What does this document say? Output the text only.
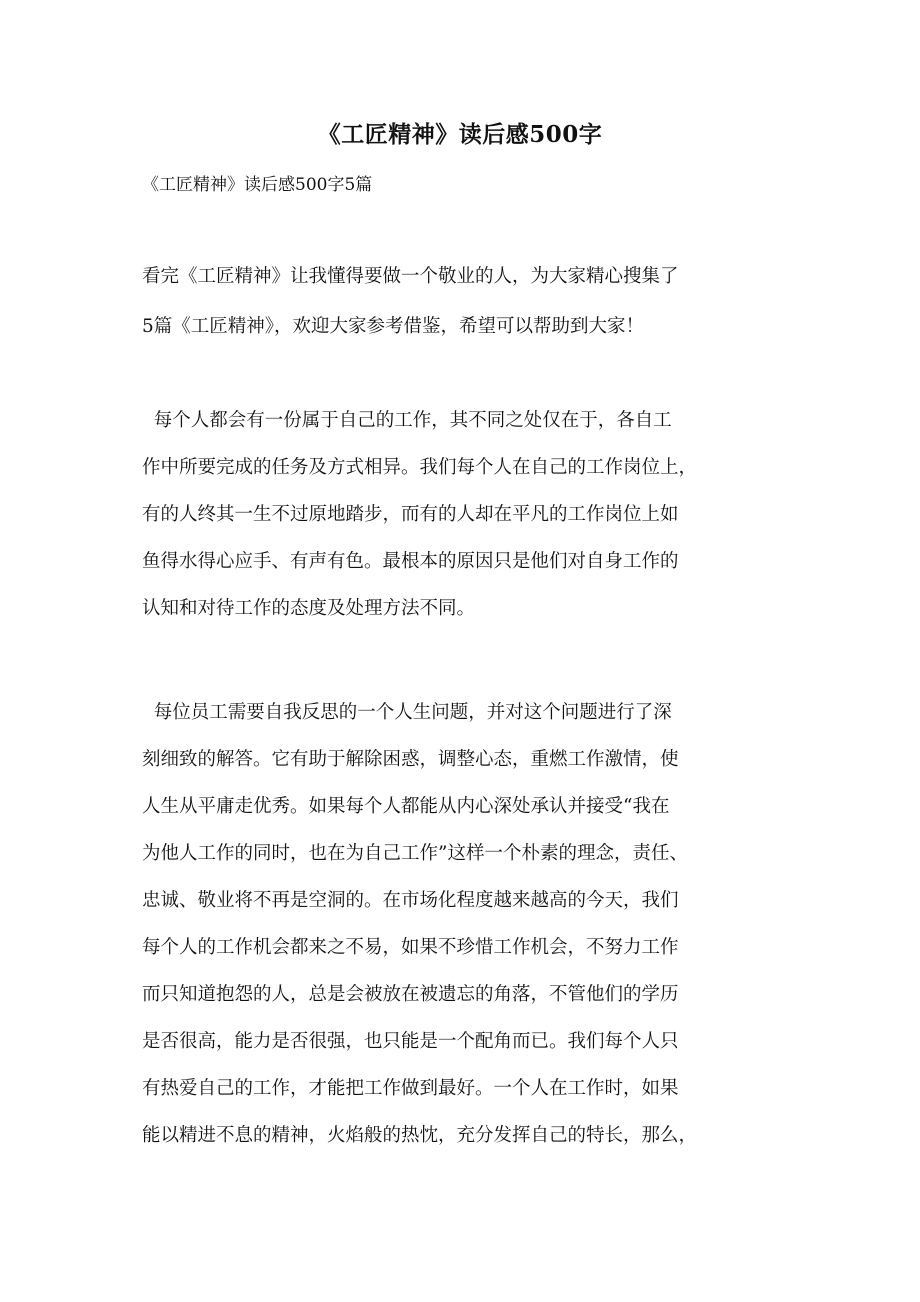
《工匠精神》读后感500字
《工匠精神》读后感500字5篇
看完《工匠精神》让我懂得要做一个敬业的人，为大家精心搜集了
5篇《工匠精神》，欢迎大家参考借鉴，希望可以帮助到大家！
每个人都会有一份属于自己的工作，其不同之处仅在于，各自工
作中所要完成的任务及方式相异。我们每个人在自己的工作岗位上，
有的人终其一生不过原地踏步，而有的人却在平凡的工作岗位上如
鱼得水得心应手、有声有色。最根本的原因只是他们对自身工作的
认知和对待工作的态度及处理方法不同。
每位员工需要自我反思的一个人生问题，并对这个问题进行了深
刻细致的解答。它有助于解除困惑，调整心态，重燃工作激情，使
人生从平庸走优秀。如果每个人都能从内心深处承认并接受“我在
为他人工作的同时，也在为自己工作”这样一个朴素的理念，责任、
忠诚、敬业将不再是空洞的。在市场化程度越来越高的今天，我们
每个人的工作机会都来之不易，如果不珍惜工作机会，不努力工作
而只知道抱怨的人，总是会被放在被遗忘的角落，不管他们的学历
是否很高，能力是否很强，也只能是一个配角而已。我们每个人只
有热爱自己的工作，才能把工作做到最好。一个人在工作时，如果
能以精进不息的精神，火焰般的热忱，充分发挥自己的特长，那么，
